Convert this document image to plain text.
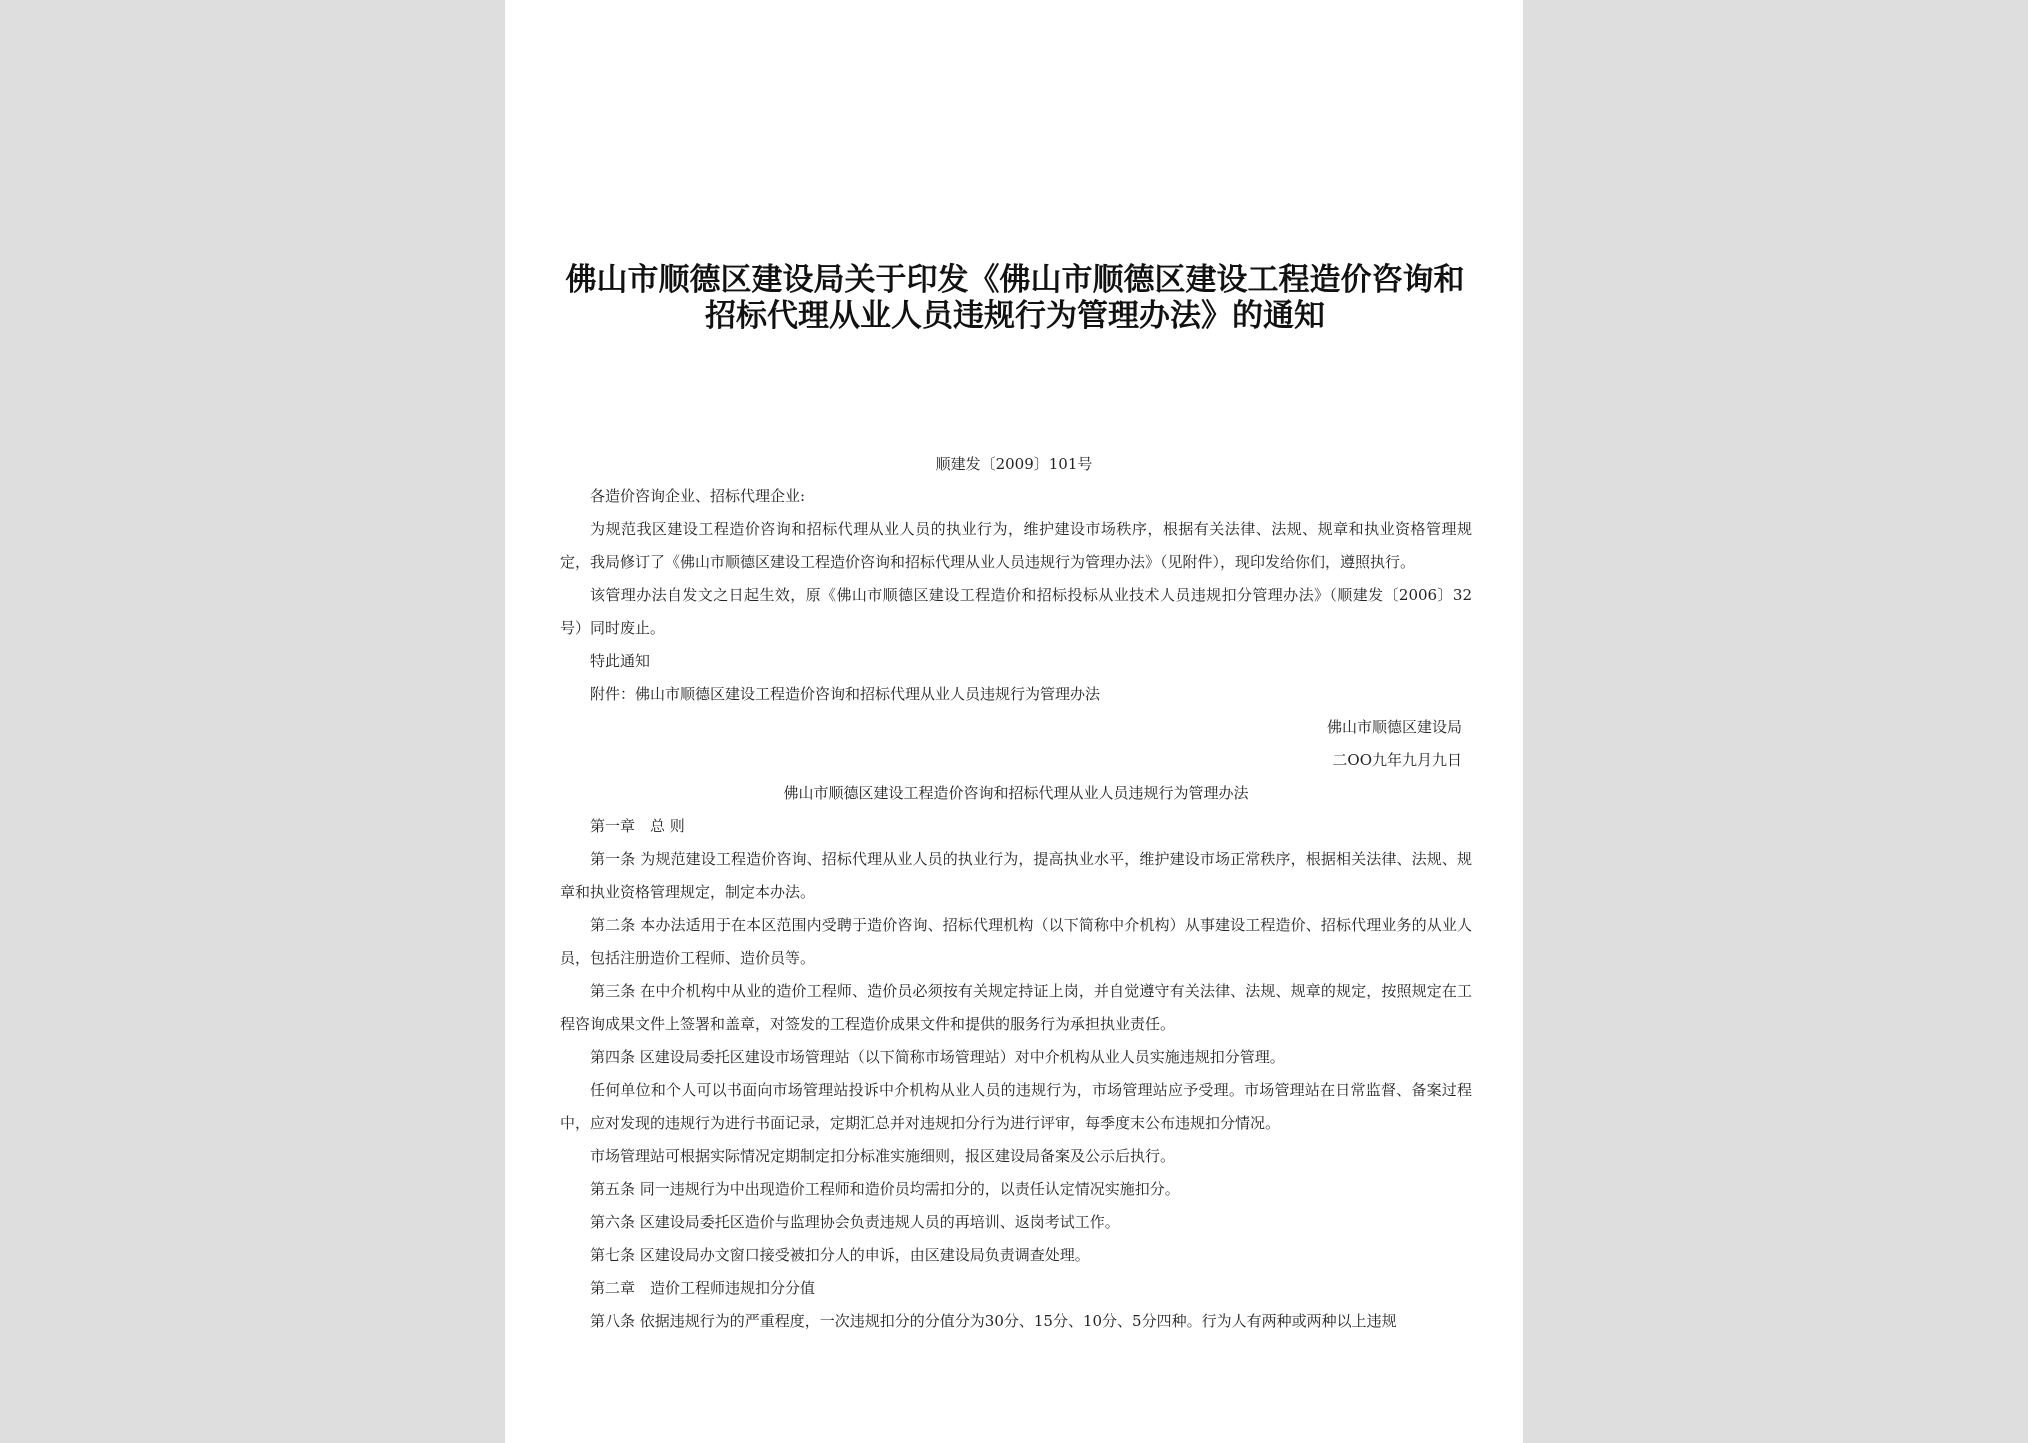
佛山市顺德区建设局关于印发《佛山市顺德区建设工程造价咨询和招标代理从业人员违规行为管理办法》的通知
顺建发〔2009〕101号

各造价咨询企业、招标代理企业:

为规范我区建设工程造价咨询和招标代理从业人员的执业行为，维护建设市场秩序，根据有关法律、法规、规章和执业资格管理规定，我局修订了《佛山市顺德区建设工程造价咨询和招标代理从业人员违规行为管理办法》（见附件），现印发给你们，遵照执行。

该管理办法自发文之日起生效，原《佛山市顺德区建设工程造价和招标投标从业技术人员违规扣分管理办法》（顺建发〔2006〕32号）同时废止。

特此通知

附件：佛山市顺德区建设工程造价咨询和招标代理从业人员违规行为管理办法

佛山市顺德区建设局

二OO九年九月九日

佛山市顺德区建设工程造价咨询和招标代理从业人员违规行为管理办法

第一章　总 则

第一条 为规范建设工程造价咨询、招标代理从业人员的执业行为，提高执业水平，维护建设市场正常秩序，根据相关法律、法规、规章和执业资格管理规定，制定本办法。

第二条 本办法适用于在本区范围内受聘于造价咨询、招标代理机构（以下简称中介机构）从事建设工程造价、招标代理业务的从业人员，包括注册造价工程师、造价员等。

第三条 在中介机构中从业的造价工程师、造价员必须按有关规定持证上岗，并自觉遵守有关法律、法规、规章的规定，按照规定在工程咨询成果文件上签署和盖章，对签发的工程造价成果文件和提供的服务行为承担执业责任。

第四条 区建设局委托区建设市场管理站（以下简称市场管理站）对中介机构从业人员实施违规扣分管理。

任何单位和个人可以书面向市场管理站投诉中介机构从业人员的违规行为，市场管理站应予受理。市场管理站在日常监督、备案过程中，应对发现的违规行为进行书面记录，定期汇总并对违规扣分行为进行评审，每季度末公布违规扣分情况。

市场管理站可根据实际情况定期制定扣分标准实施细则，报区建设局备案及公示后执行。

第五条 同一违规行为中出现造价工程师和造价员均需扣分的，以责任认定情况实施扣分。

第六条 区建设局委托区造价与监理协会负责违规人员的再培训、返岗考试工作。

第七条 区建设局办文窗口接受被扣分人的申诉，由区建设局负责调查处理。

第二章　造价工程师违规扣分分值

第八条 依据违规行为的严重程度，一次违规扣分的分值分为30分、15分、10分、5分四种。行为人有两种或两种以上违规
